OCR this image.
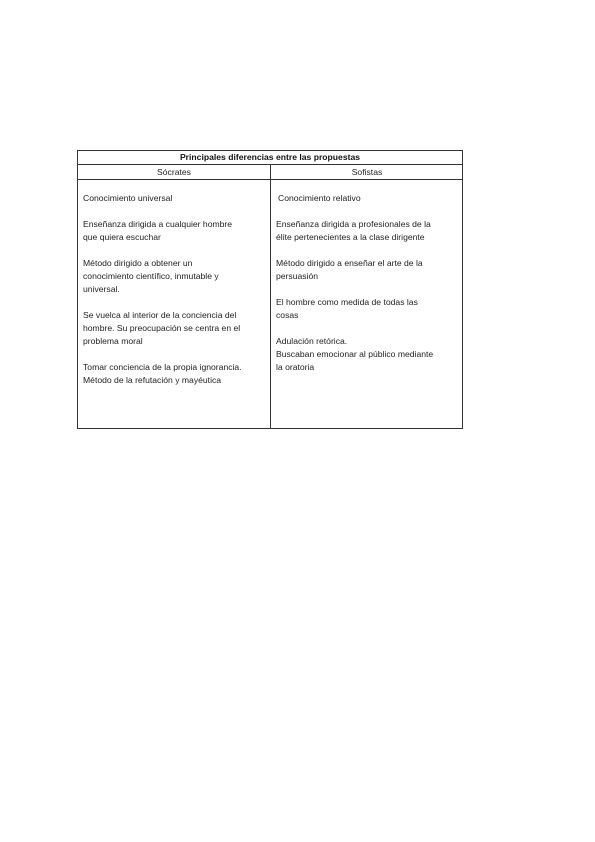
Principales diferencias entre las propuestas
Sócrates	Sofistas
Conocimiento universal
Enseñanza dirigida a cualquier hombre
que quiera escuchar
Método dirigido a obtener un
conocimiento científico, inmutable y
universal.
Se vuelca al interior de la conciencia del
hombre. Su preocupación se centra en el
problema moral
Tomar conciencia de la propia ignorancia.
Método de la refutación y mayéutica
Conocimiento relativo
Enseñanza dirigida a profesionales de la
élite pertenecientes a la clase dirigente
Método dirigido a enseñar el arte de la
persuasión
El hombre como medida de todas las
cosas
Adulación retórica.
Buscaban emocionar al público mediante
la oratoria
